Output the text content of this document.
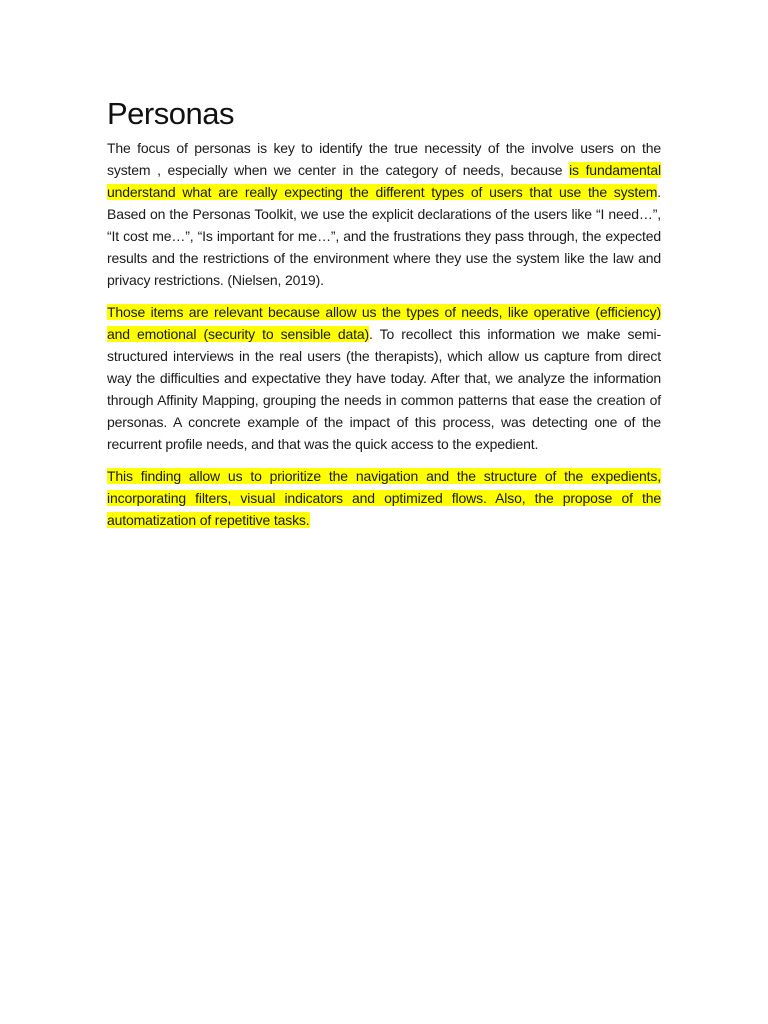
Personas

The focus of personas is key to identify the true necessity of the involve users on the system , especially when we center in the category of needs, because is fundamental understand what are really expecting the different types of users that use the system. Based on the Personas Toolkit, we use the explicit declarations of the users like “I need…”, “It cost me…”, “Is important for me…”, and the frustrations they pass through, the expected results and the restrictions of the environment where they use the system like the law and privacy restrictions. (Nielsen, 2019).

Those items are relevant because allow us the types of needs, like operative (efficiency) and emotional (security to sensible data). To recollect this information we make semi-structured interviews in the real users (the therapists), which allow us capture from direct way the difficulties and expectative they have today. After that, we analyze the information through Affinity Mapping, grouping the needs in common patterns that ease the creation of personas. A concrete example of the impact of this process, was detecting one of the recurrent profile needs, and that was the quick access to the expedient.

This finding allow us to prioritize the navigation and the structure of the expedients, incorporating filters, visual indicators and optimized flows. Also, the propose of the automatization of repetitive tasks.
